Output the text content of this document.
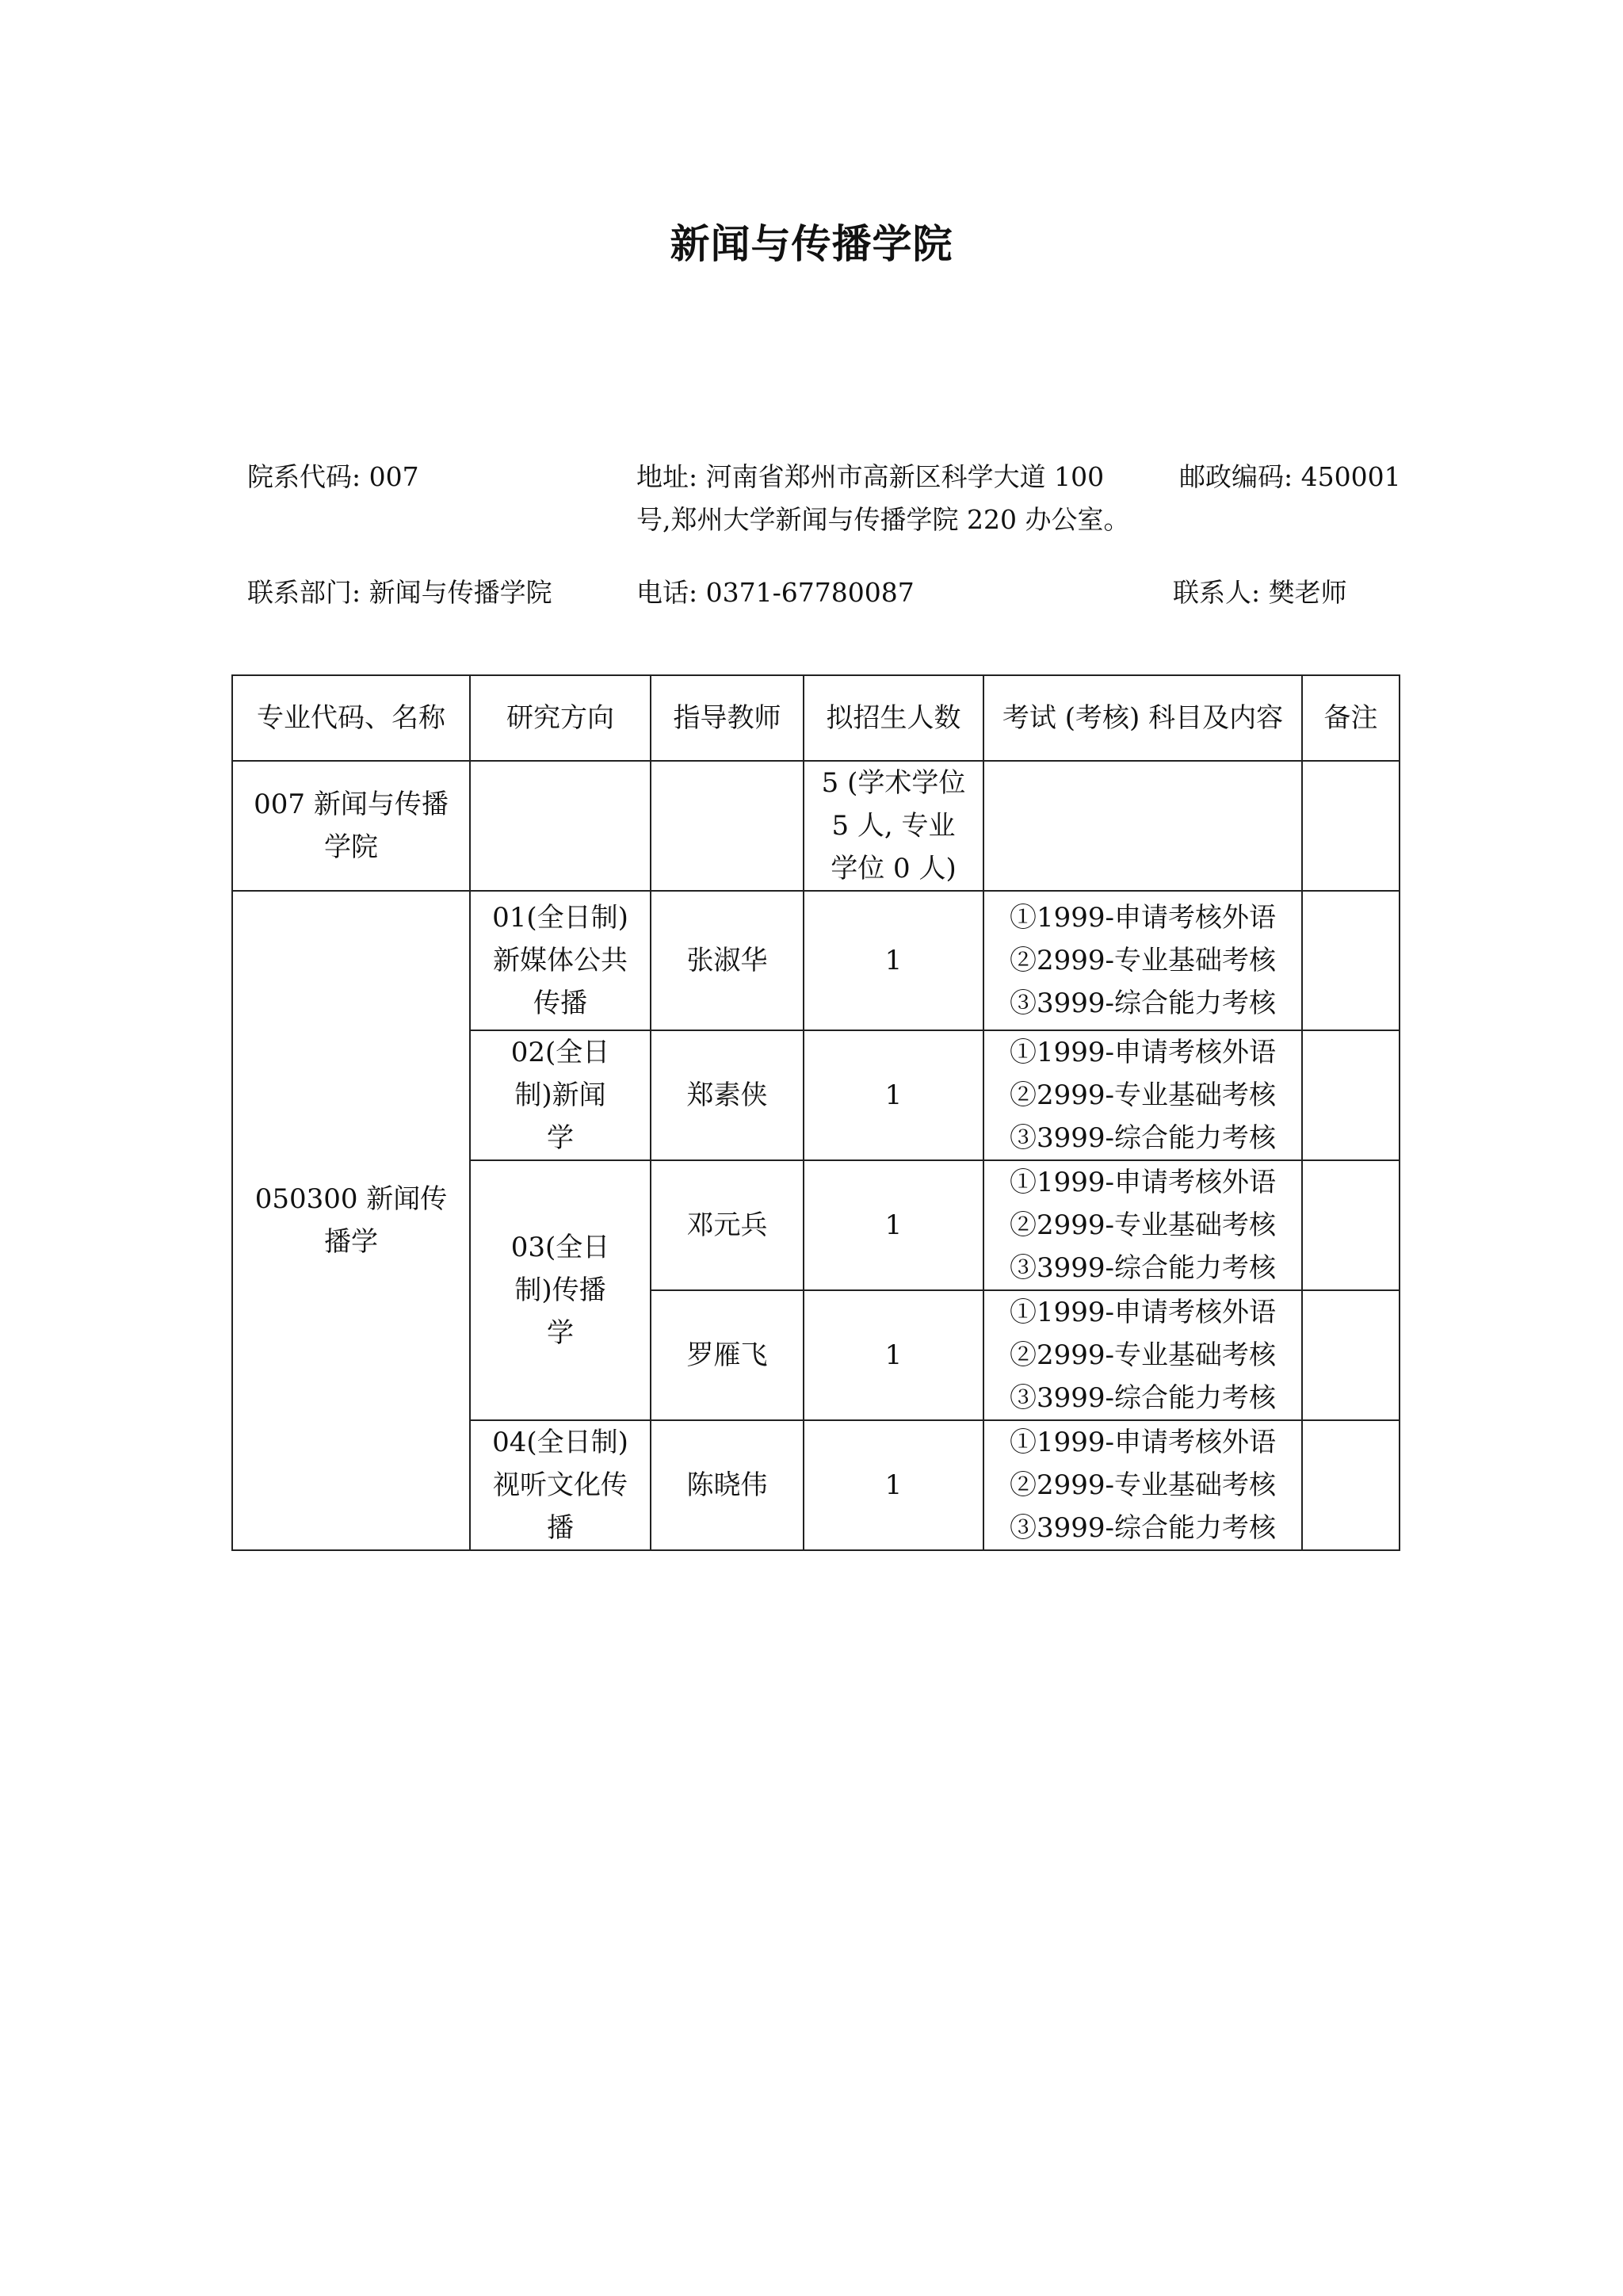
新闻与传播学院
院系代码: 007	地址: 河南省郑州市高新区科学大道 100
号,郑州大学新闻与传播学院 220 办公室。
邮政编码: 450001
联系部门: 新闻与传播学院	电话: 0371-67780087	联系人: 樊老师
专业代码、名称	研究方向	指导教师	拟招生人数	考试 (考核) 科目及内容	备注
007 新闻与传播学院			5 (学术学位 5 人, 专业学位 0 人)		
050300 新闻传播学	01(全日制)新媒体公共传播	张淑华	1	①1999-申请考核外语
②2999-专业基础考核
③3999-综合能力考核	

	02(全日制)新闻学	郑素侠	1	①1999-申请考核外语
②2999-专业基础考核
③3999-综合能力考核	

	03(全日制)传播学	邓元兵	1	①1999-申请考核外语
②2999-专业基础考核
③3999-综合能力考核	

		罗雁飞	1	①1999-申请考核外语
②2999-专业基础考核
③3999-综合能力考核	

	04(全日制)视听文化传播	陈晓伟	1	①1999-申请考核外语
②2999-专业基础考核
③3999-综合能力考核	
